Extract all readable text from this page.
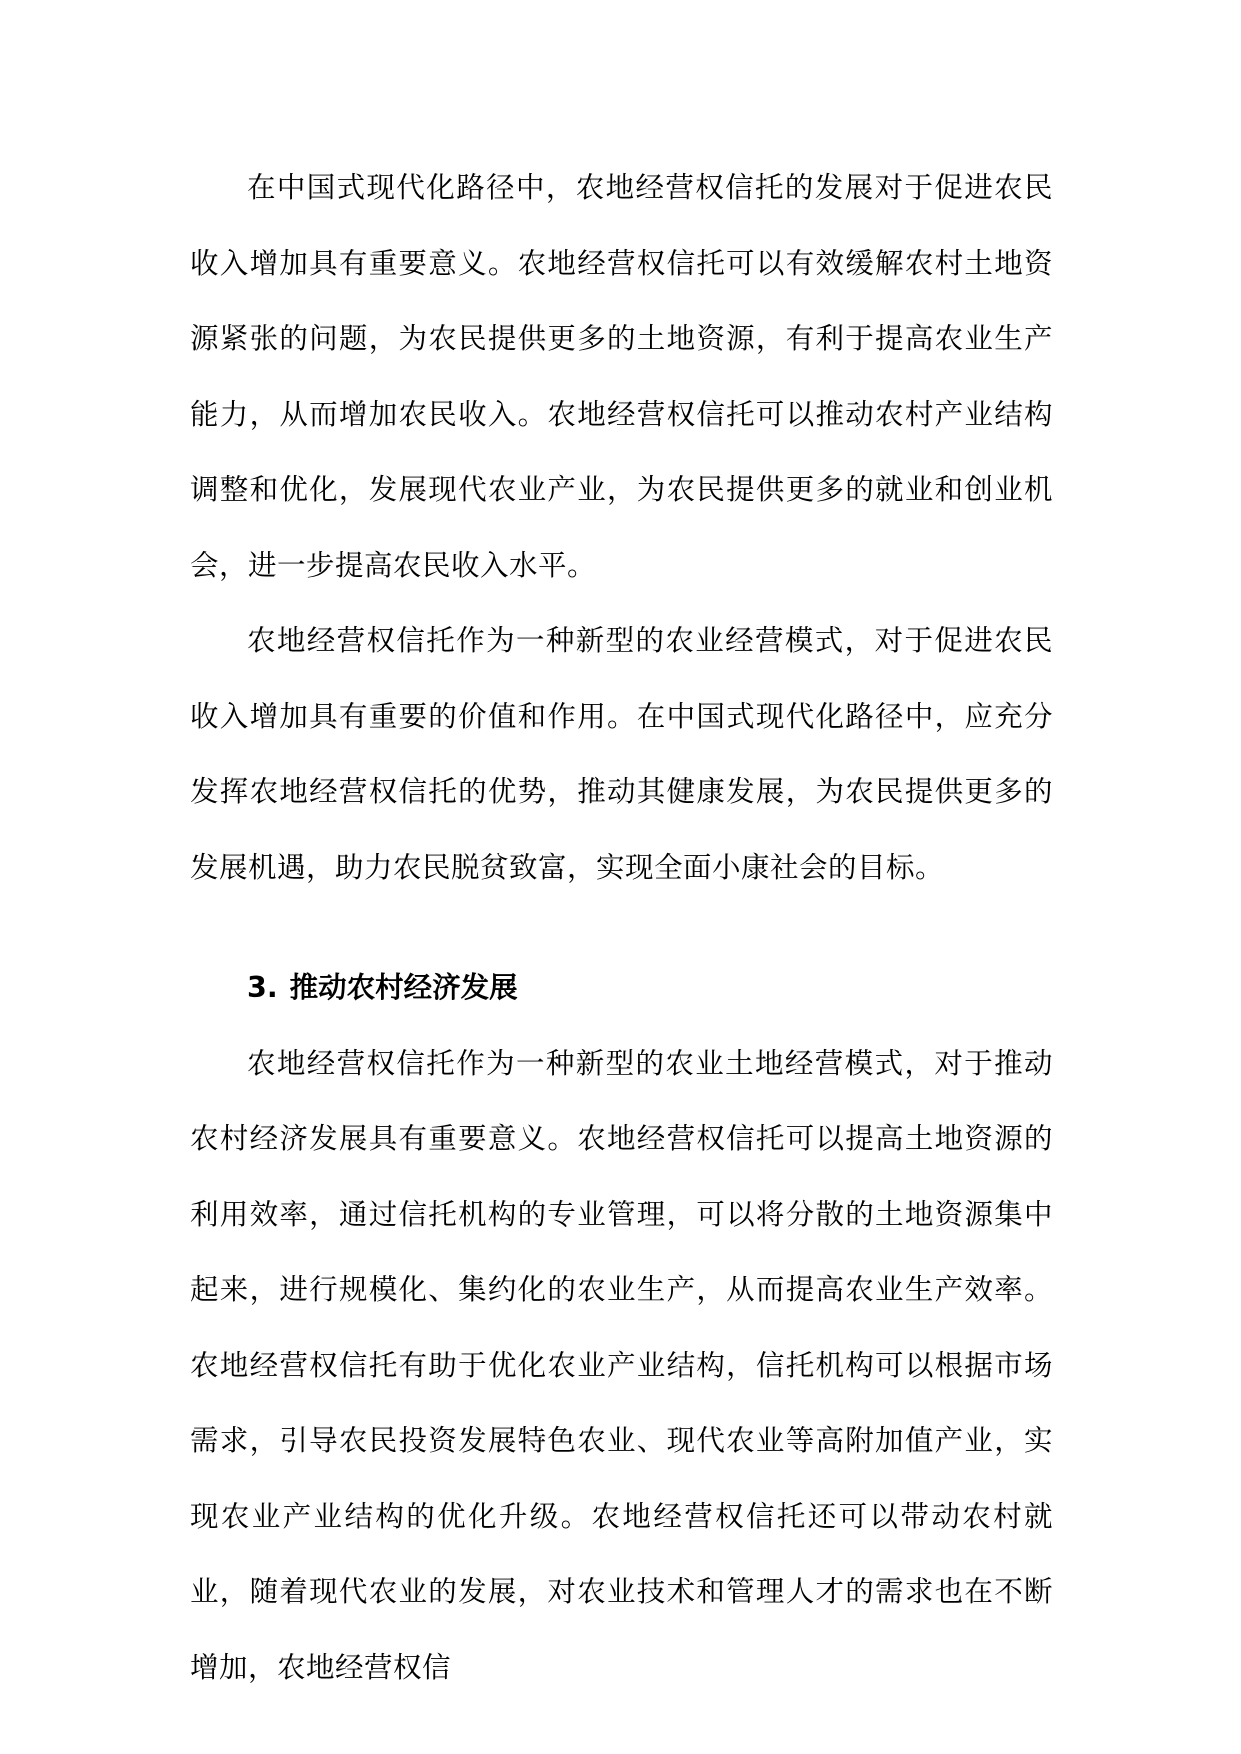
在中国式现代化路径中，农地经营权信托的发展对于促进农民收入增加具有重要意义。农地经营权信托可以有效缓解农村土地资源紧张的问题，为农民提供更多的土地资源，有利于提高农业生产能力，从而增加农民收入。农地经营权信托可以推动农村产业结构调整和优化，发展现代农业产业，为农民提供更多的就业和创业机会，进一步提高农民收入水平。

农地经营权信托作为一种新型的农业经营模式，对于促进农民收入增加具有重要的价值和作用。在中国式现代化路径中，应充分发挥农地经营权信托的优势，推动其健康发展，为农民提供更多的发展机遇，助力农民脱贫致富，实现全面小康社会的目标。

3. 推动农村经济发展

农地经营权信托作为一种新型的农业土地经营模式，对于推动农村经济发展具有重要意义。农地经营权信托可以提高土地资源的利用效率，通过信托机构的专业管理，可以将分散的土地资源集中起来，进行规模化、集约化的农业生产，从而提高农业生产效率。农地经营权信托有助于优化农业产业结构，信托机构可以根据市场需求，引导农民投资发展特色农业、现代农业等高附加值产业，实现农业产业结构的优化升级。农地经营权信托还可以带动农村就业，随着现代农业的发展，对农业技术和管理人才的需求也在不断增加，农地经营权信
